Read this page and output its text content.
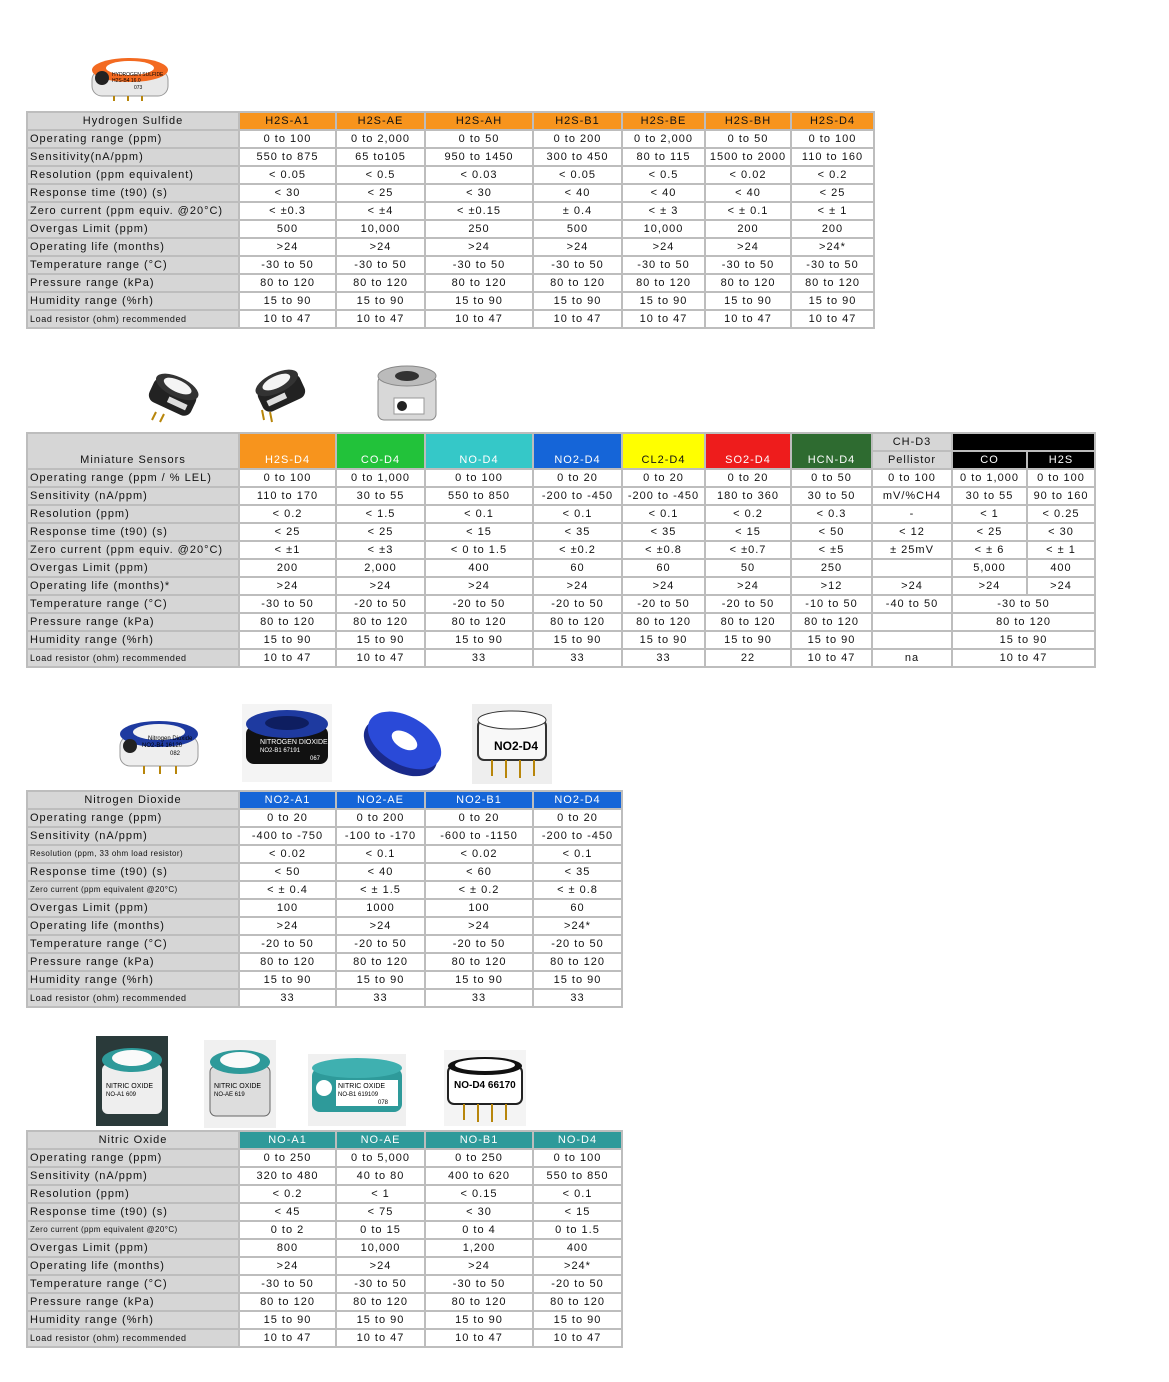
HYDROGEN SULFIDE
H2S-B4 16.0
073
Nitrogen Dioxide
NO2-B4 16120
082
NITROGEN DIOXIDE
NO2-B1 67191
067
NO2-D4
NITRIC OXIDE
NO-A1 609
NITRIC OXIDE
NO-AE 619
NITRIC OXIDE
NO-B1 619109
078
NO-D4 66170
Hydrogen Sulfide	H2S-A1	H2S-AE	H2S-AH	H2S-B1	H2S-BE	H2S-BH	H2S-D4
Operating range (ppm)	0 to 100	0 to 2,000	0 to 50	0 to 200	0 to 2,000	0 to 50	0 to 100
Sensitivity(nA/ppm)	550 to 875	65 to105	950 to 1450	300 to 450	80 to 115	1500 to 2000	110 to 160
Resolution (ppm equivalent)	< 0.05	< 0.5	< 0.03	< 0.05	< 0.5	< 0.02	< 0.2
Response time (t90) (s)	< 30	< 25	< 30	< 40	< 40	< 40	< 25
Zero current (ppm equiv. @20°C)	< ±0.3	< ±4	< ±0.15	± 0.4	< ± 3	< ± 0.1	< ± 1
Overgas Limit (ppm)	500	10,000	250	500	10,000	200	200
Operating life (months)	>24	>24	>24	>24	>24	>24	>24*
Temperature range (°C)	-30 to 50	-30 to 50	-30 to 50	-30 to 50	-30 to 50	-30 to 50	-30 to 50
Pressure range (kPa)	80 to 120	80 to 120	80 to 120	80 to 120	80 to 120	80 to 120	80 to 120
Humidity range (%rh)	15 to 90	15 to 90	15 to 90	15 to 90	15 to 90	15 to 90	15 to 90
Load resistor (ohm) recommended	10 to 47	10 to 47	10 to 47	10 to 47	10 to 47	10 to 47	10 to 47
Miniature Sensors	H2S-D4	CO-D4	NO-D4	NO2-D4	CL2-D4	SO2-D4	HCN-D4	CH-D3		
								Pellistor	CO	H2S
Operating range (ppm / % LEL)	0 to 100	0 to 1,000	0 to 100	0 to 20	0 to 20	0 to 20	0 to 50	0 to 100	0 to 1,000	0 to 100
Sensitivity (nA/ppm)	110 to 170	30 to 55	550 to 850	-200 to -450	-200 to -450	180 to 360	30 to 50	mV/%CH4	30 to 55	90 to 160
Resolution (ppm)	< 0.2	< 1.5	< 0.1	< 0.1	< 0.1	< 0.2	< 0.3	-	< 1	< 0.25
Response time (t90) (s)	< 25	< 25	< 15	< 35	< 35	< 15	< 50	< 12	< 25	< 30
Zero current (ppm equiv. @20°C)	< ±1	< ±3	< 0 to 1.5	< ±0.2	< ±0.8	< ±0.7	< ±5	± 25mV	< ± 6	< ± 1
Overgas Limit (ppm)	200	2,000	400	60	60	50	250		5,000	400
Operating life (months)*	>24	>24	>24	>24	>24	>24	>12	>24	>24	>24
Temperature range (°C)	-30 to 50	-20 to 50	-20 to 50	-20 to 50	-20 to 50	-20 to 50	-10 to 50	-40 to 50	-30 to 50	
Pressure range (kPa)	80 to 120	80 to 120	80 to 120	80 to 120	80 to 120	80 to 120	80 to 120		80 to 120	
Humidity range (%rh)	15 to 90	15 to 90	15 to 90	15 to 90	15 to 90	15 to 90	15 to 90		15 to 90	
Load resistor (ohm) recommended	10 to 47	10 to 47	33	33	33	22	10 to 47	na	10 to 47	
Nitrogen Dioxide	NO2-A1	NO2-AE	NO2-B1	NO2-D4
Operating range (ppm)	0 to 20	0 to 200	0 to 20	0 to 20
Sensitivity (nA/ppm)	-400 to -750	-100 to -170	-600 to -1150	-200 to -450
Resolution (ppm, 33 ohm load resistor)	< 0.02	< 0.1	< 0.02	< 0.1
Response time (t90) (s)	< 50	< 40	< 60	< 35
Zero current (ppm equivalent @20°C)	< ± 0.4	< ± 1.5	< ± 0.2	< ± 0.8
Overgas Limit (ppm)	100	1000	100	60
Operating life (months)	>24	>24	>24	>24*
Temperature range (°C)	-20 to 50	-20 to 50	-20 to 50	-20 to 50
Pressure range (kPa)	80 to 120	80 to 120	80 to 120	80 to 120
Humidity range (%rh)	15 to 90	15 to 90	15 to 90	15 to 90
Load resistor (ohm) recommended	33	33	33	33
Nitric Oxide	NO-A1	NO-AE	NO-B1	NO-D4
Operating range (ppm)	0 to 250	0 to 5,000	0 to 250	0 to 100
Sensitivity (nA/ppm)	320 to 480	40 to 80	400 to 620	550 to 850
Resolution (ppm)	< 0.2	< 1	< 0.15	< 0.1
Response time (t90) (s)	< 45	< 75	< 30	< 15
Zero current (ppm equivalent @20°C)	0 to 2	0 to 15	0 to 4	0 to 1.5
Overgas Limit (ppm)	800	10,000	1,200	400
Operating life (months)	>24	>24	>24	>24*
Temperature range (°C)	-30 to 50	-30 to 50	-30 to 50	-20 to 50
Pressure range (kPa)	80 to 120	80 to 120	80 to 120	80 to 120
Humidity range (%rh)	15 to 90	15 to 90	15 to 90	15 to 90
Load resistor (ohm) recommended	10 to 47	10 to 47	10 to 47	10 to 47
